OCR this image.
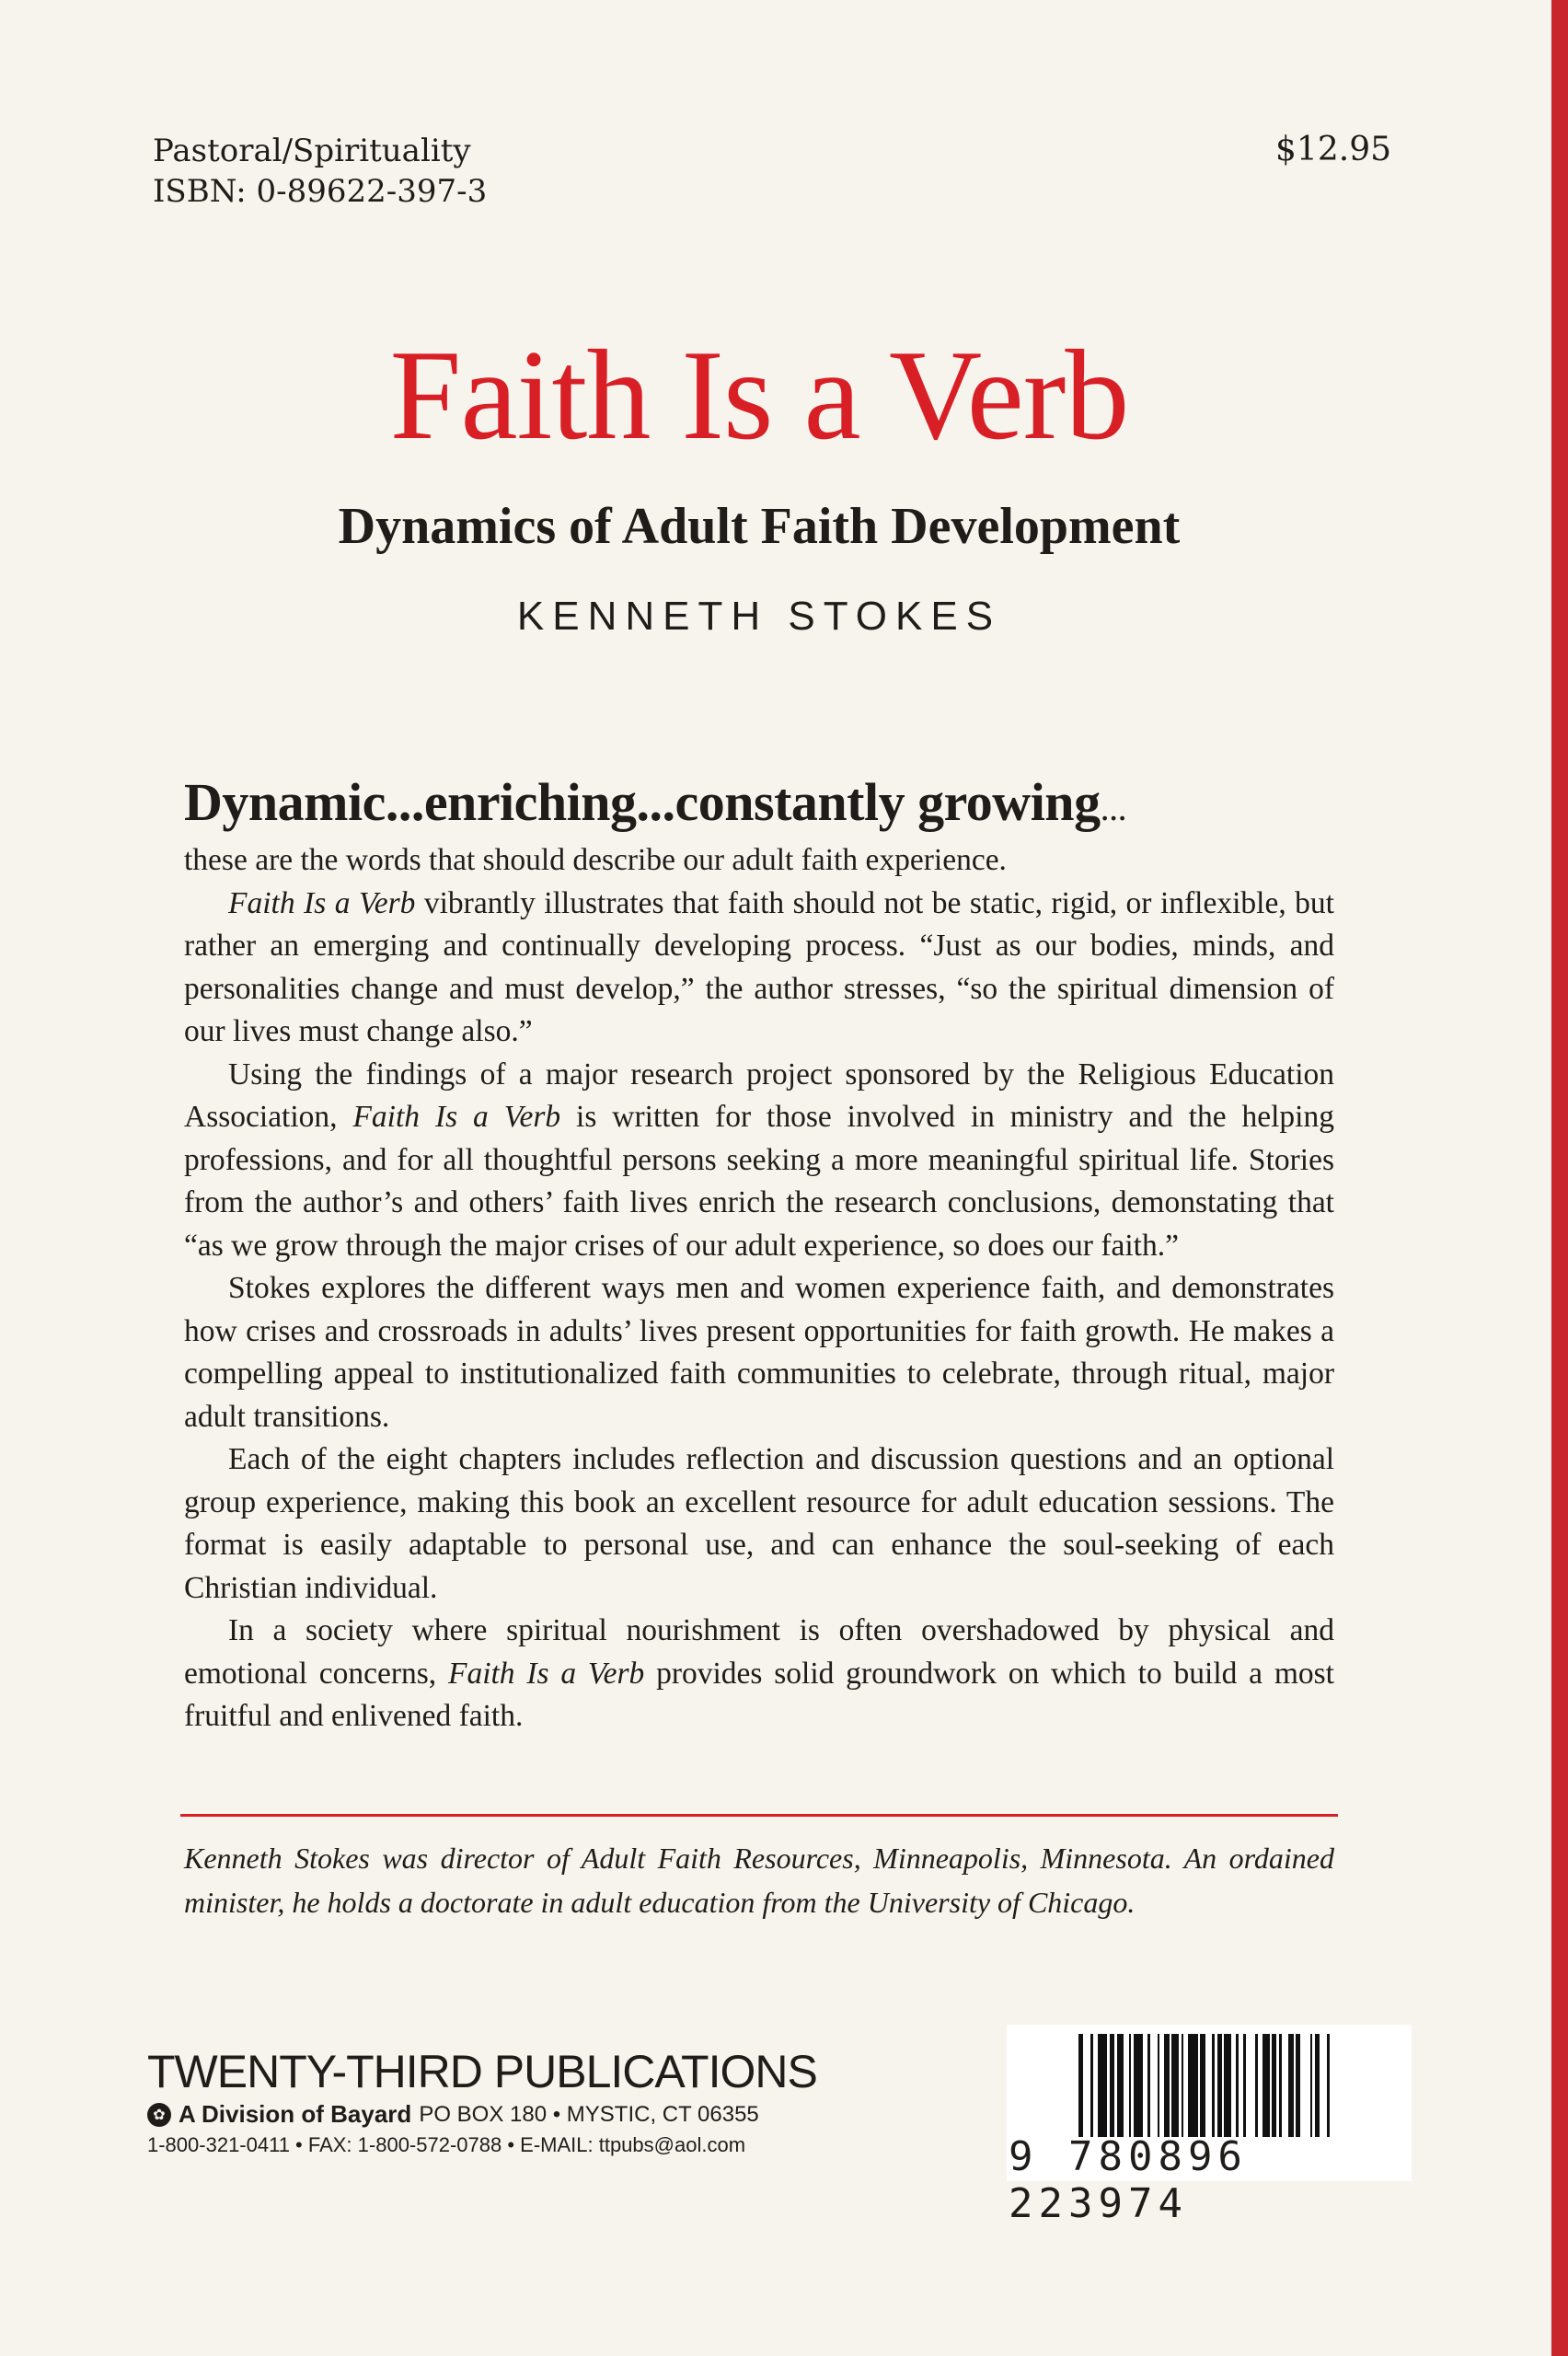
Pastoral/Spirituality
ISBN: 0-89622-397-3
$12.95
Faith Is a Verb
Dynamics of Adult Faith Development
KENNETH STOKES
Dynamic...enriching...constantly growing...

these are the words that should describe our adult faith experience.

Faith Is a Verb vibrantly illustrates that faith should not be static, rigid, or inflexible, but rather an emerging and continually developing process. “Just as our bodies, minds, and personalities change and must develop,” the author stresses, “so the spiritual dimension of our lives must change also.”

Using the findings of a major research project sponsored by the Religious Education Association, Faith Is a Verb is written for those involved in ministry and the helping professions, and for all thoughtful persons seeking a more meaningful spiritual life. Stories from the author’s and others’ faith lives enrich the research conclusions, demonstating that “as we grow through the major crises of our adult experience, so does our faith.”

Stokes explores the different ways men and women experience faith, and demonstrates how crises and crossroads in adults’ lives present opportunities for faith growth. He makes a compelling appeal to institutionalized faith communities to celebrate, through ritual, major adult transitions.

Each of the eight chapters includes reflection and discussion questions and an optional group experience, making this book an excellent resource for adult education sessions. The format is easily adaptable to personal use, and can enhance the soul-seeking of each Christian individual.

In a society where spiritual nourishment is often overshadowed by physical and emotional concerns, Faith Is a Verb provides solid groundwork on which to build a most fruitful and enlivened faith.

Kenneth Stokes was director of Adult Faith Resources, Minneapolis, Minnesota. An ordained minister, he holds a doctorate in adult education from the University of Chicago.
TWENTY-THIRD PUBLICATIONS
✿ A Division of Bayard PO BOX 180 • MYSTIC, CT 06355
1-800-321-0411 • FAX: 1-800-572-0788 • E-MAIL: ttpubs@aol.com	9 780896 223974
